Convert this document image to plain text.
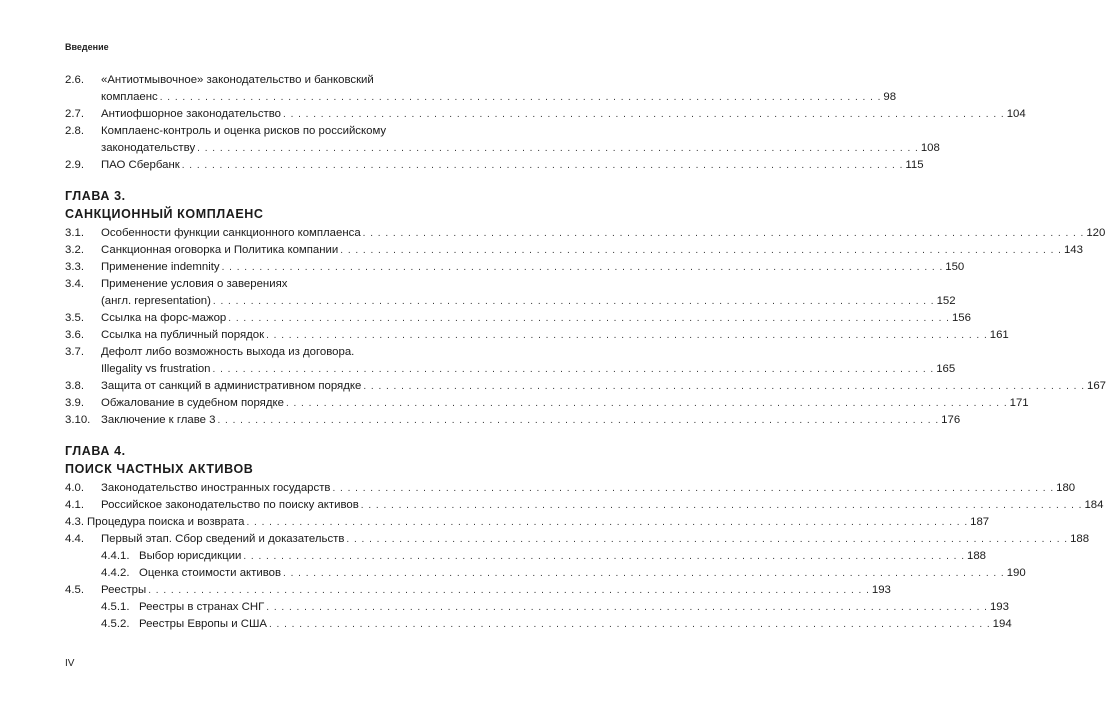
Введение
2.6.	«Антиотмывочное» законодательство и банковский
комплаенс . . .	98
2.7.	Антиофшорное законодательство . . .	104
2.8.	Комплаенс-контроль и оценка рисков по российскому
законодательству . . .	108
2.9.	ПАО Сбербанк . . .	115
ГЛАВА 3.
САНКЦИОННЫЙ КОМПЛАЕНС
3.1.	Особенности функции санкционного комплаенса . . .	120
3.2.	Санкционная оговорка и Политика компании . . .	143
3.3.	Применение indemnity . . .	150
3.4.	Применение условия о заверениях
(англ. representation) . . .	152
3.5.	Ссылка на форс-мажор . . .	156
3.6.	Ссылка на публичный порядок . . .	161
3.7.	Дефолт либо возможность выхода из договора.
Illegality vs frustration . . .	165
3.8.	Защита от санкций в административном порядке . . .	167
3.9.	Обжалование в судебном порядке . . .	171
3.10. Заключение к главе 3 . . .	176
ГЛАВА 4.
ПОИСК ЧАСТНЫХ АКТИВОВ
4.0.	Законодательство иностранных государств . . .	180
4.1.	Российское законодательство по поиску активов . . .	184
4.3. Процедура поиска и возврата . . .	187
4.4.	Первый этап. Сбор сведений и доказательств . . .	188
4.4.1. Выбор юрисдикции . . .	188
4.4.2. Оценка стоимости активов . . .	190
4.5.	Реестры . . .	193
4.5.1. Реестры в странах СНГ . . .	193
4.5.2. Реестры Европы и США . . .	194
IV
